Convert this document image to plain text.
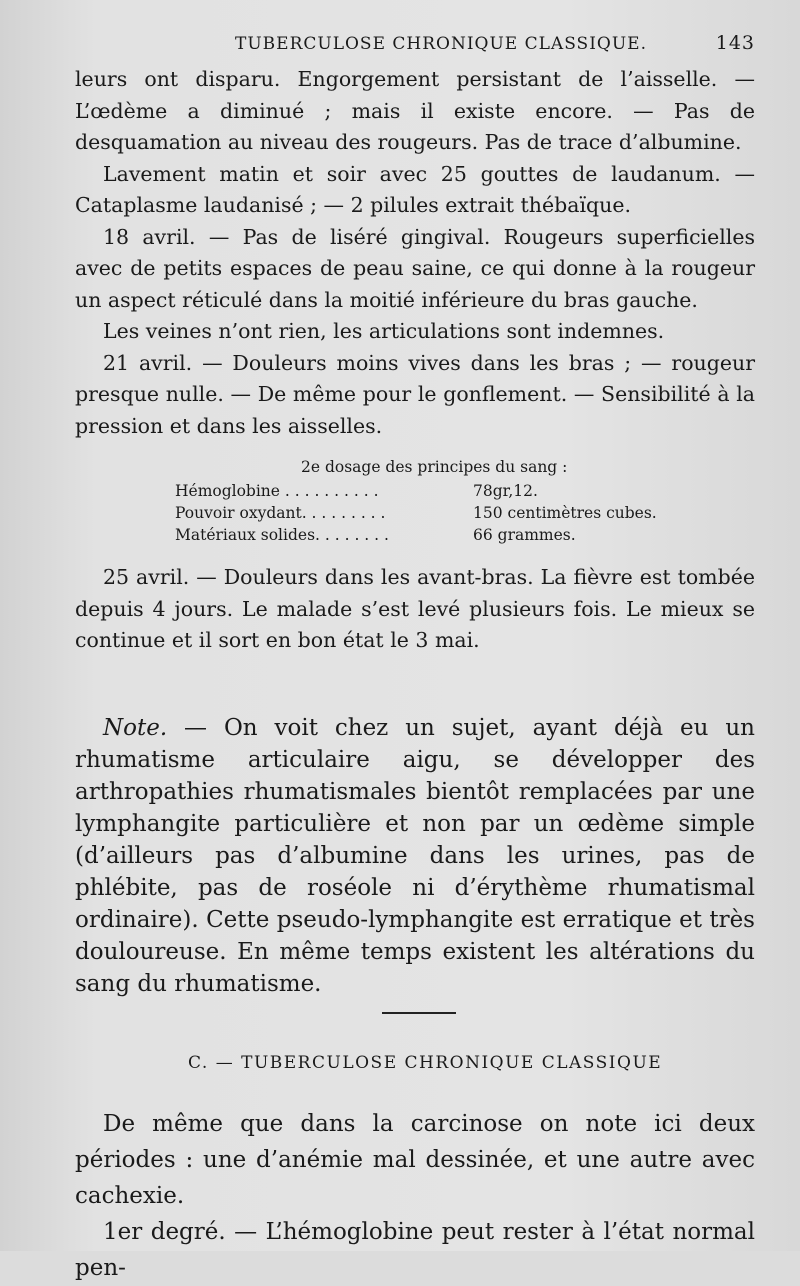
TUBERCULOSE CHRONIQUE CLASSIQUE.	143

leurs ont disparu. Engorgement persistant de l’aisselle. — L’œdème a diminué ; mais il existe encore. — Pas de desquamation au niveau des rougeurs. Pas de trace d’albumine.

Lavement matin et soir avec 25 gouttes de laudanum. — Cataplasme laudanisé ; — 2 pilules extrait thébaïque.

18 avril. — Pas de liséré gingival. Rougeurs superficielles avec de petits espaces de peau saine, ce qui donne à la rougeur un aspect réticulé dans la moitié inférieure du bras gauche.

Les veines n’ont rien, les articulations sont indemnes.

21 avril. — Douleurs moins vives dans les bras ; — rougeur presque nulle. — De même pour le gonflement. — Sensibilité à la pression et dans les aisselles.

2e dosage des principes du sang :
Hémoglobine . . . . . . . . . .	78gr,12.
Pouvoir oxydant. . . . . . . . .	150 centimètres cubes.
Matériaux solides. . . . . . . .	66 grammes.

25 avril. — Douleurs dans les avant-bras. La fièvre est tombée depuis 4 jours. Le malade s’est levé plusieurs fois. Le mieux se continue et il sort en bon état le 3 mai.

Note. — On voit chez un sujet, ayant déjà eu un rhumatisme articulaire aigu, se développer des arthropathies rhumatismales bientôt remplacées par une lymphangite particulière et non par un œdème simple (d’ailleurs pas d’albumine dans les urines, pas de phlébite, pas de roséole ni d’érythème rhumatismal ordinaire). Cette pseudo-lymphangite est erratique et très douloureuse. En même temps existent les altérations du sang du rhumatisme.

C. — TUBERCULOSE CHRONIQUE CLASSIQUE

De même que dans la carcinose on note ici deux périodes : une d’anémie mal dessinée, et une autre avec cachexie.

1er degré. — L’hémoglobine peut rester à l’état normal pen-
